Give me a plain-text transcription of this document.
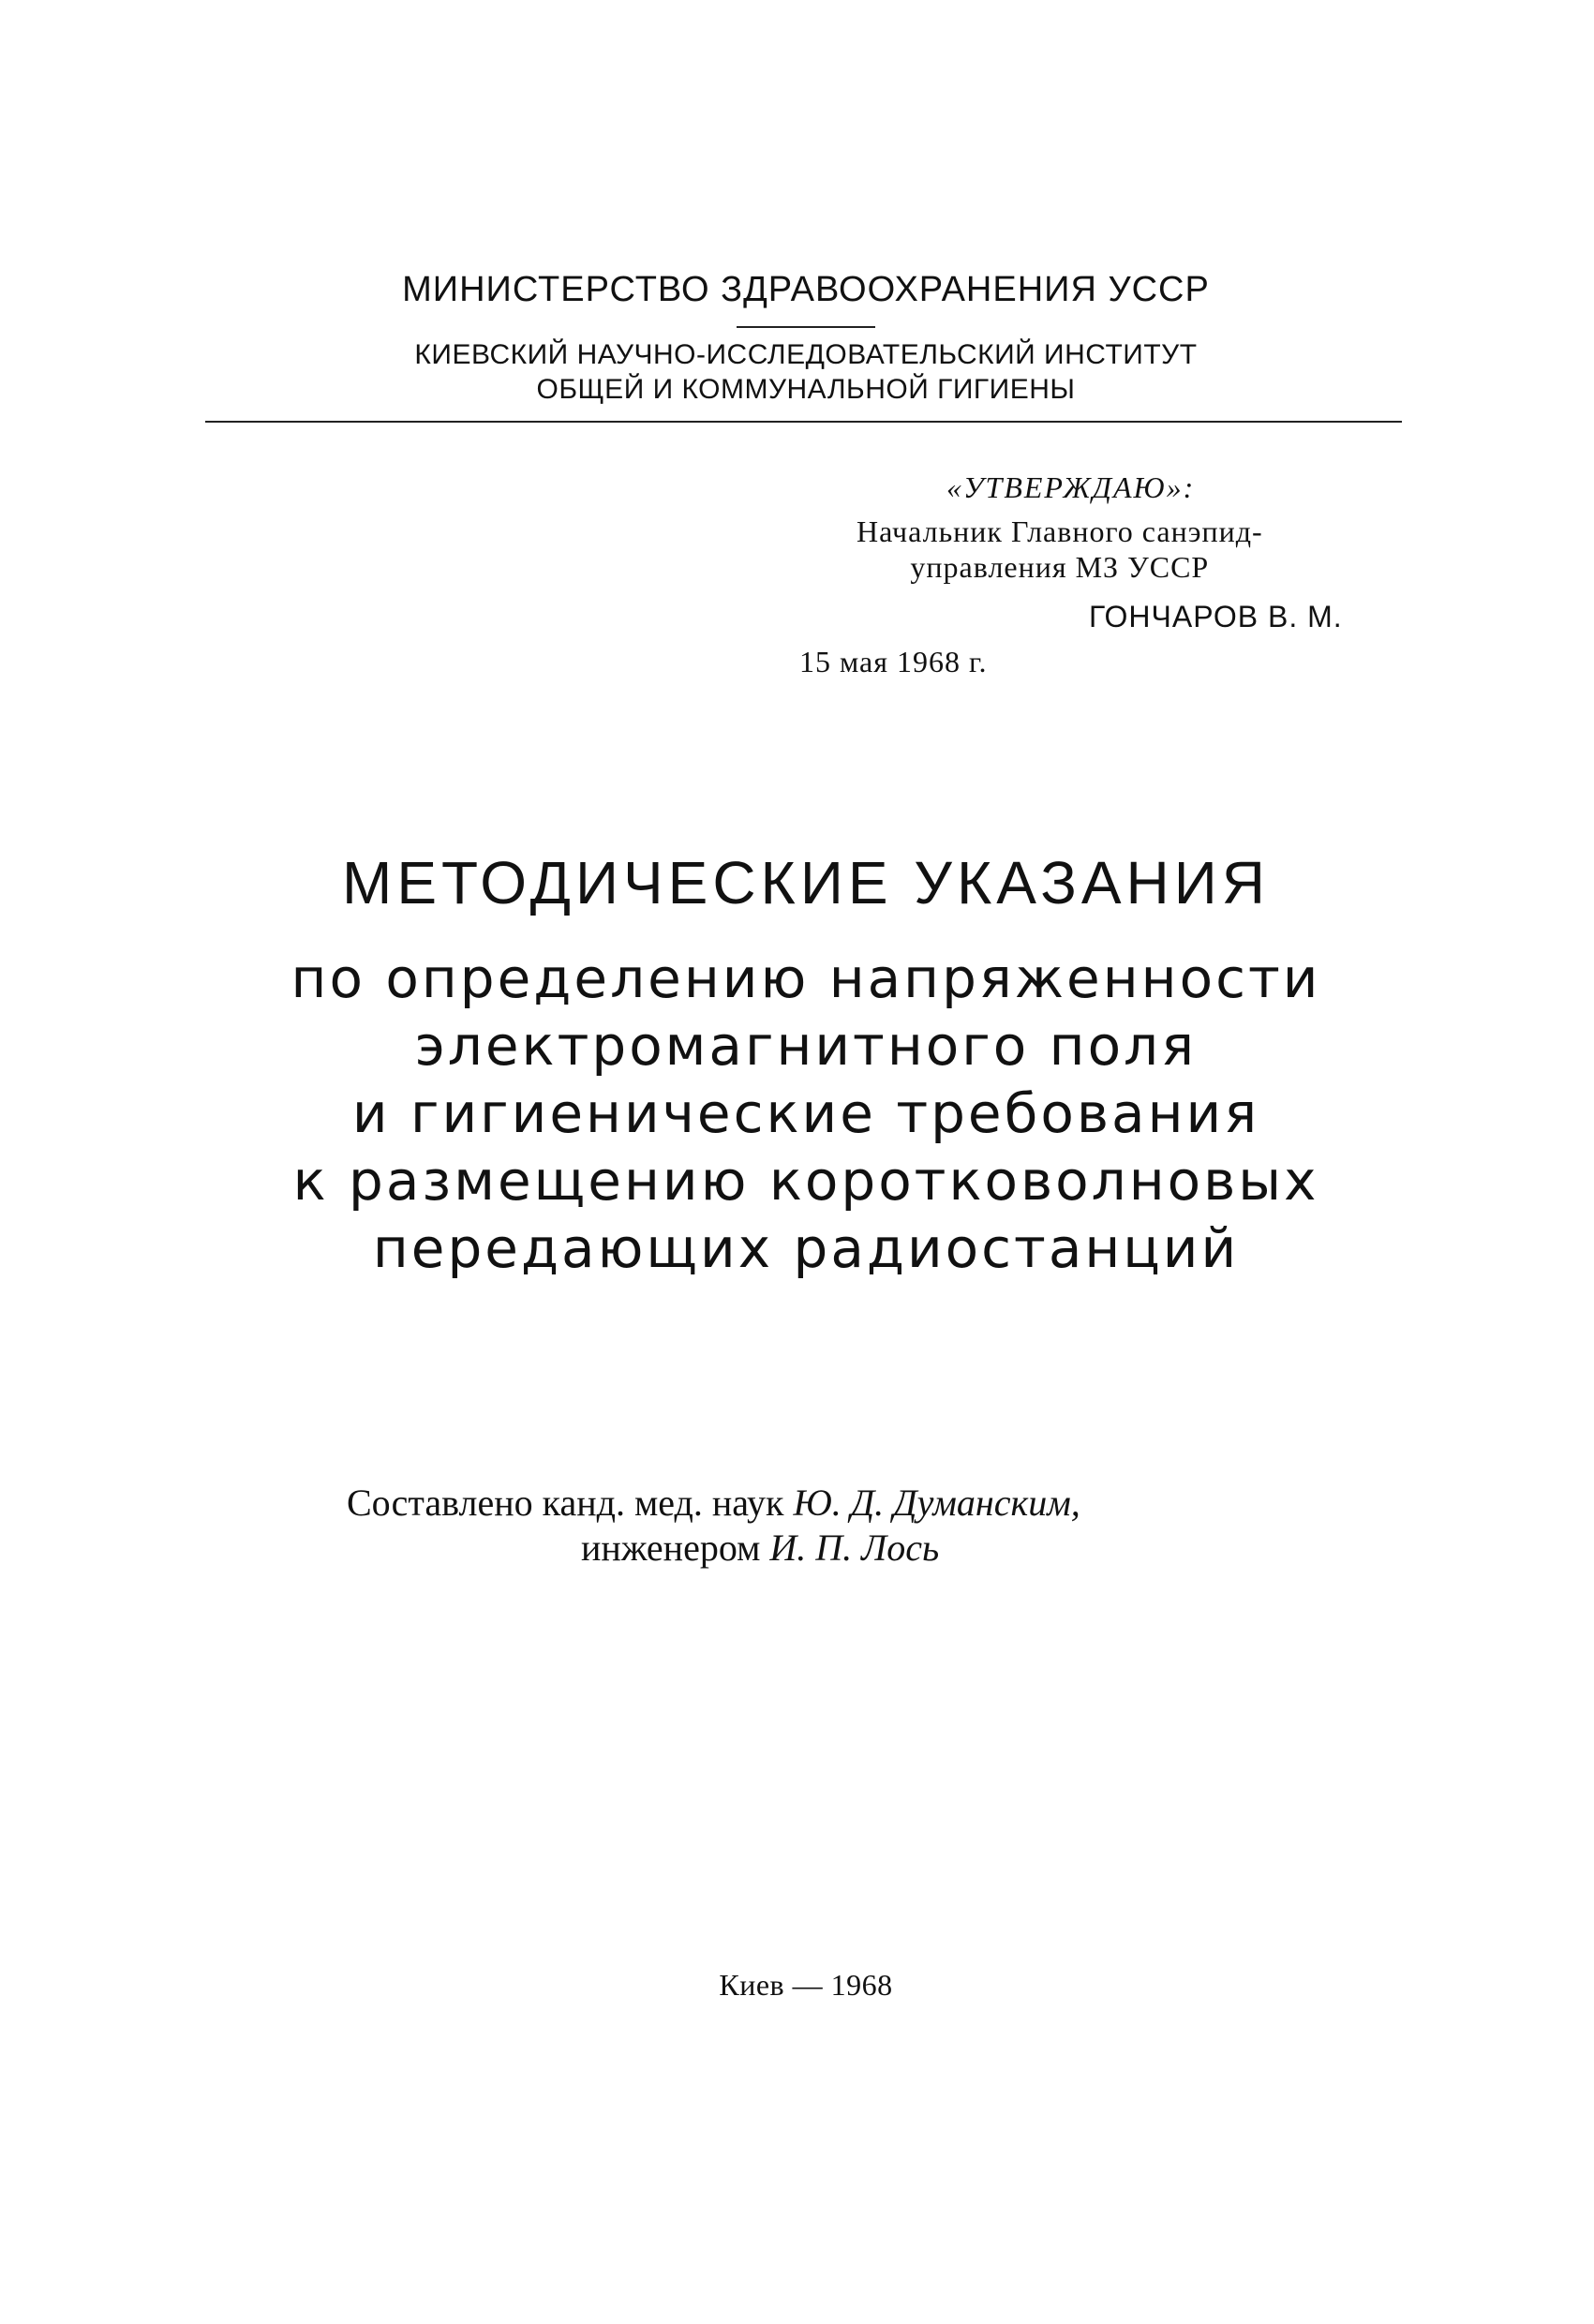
МИНИСТЕРСТВО ЗДРАВООХРАНЕНИЯ УССР
КИЕВСКИЙ НАУЧНО-ИССЛЕДОВАТЕЛЬСКИЙ ИНСТИТУТ
ОБЩЕЙ И КОММУНАЛЬНОЙ ГИГИЕНЫ
«УТВЕРЖДАЮ»:
Начальник Главного санэпид-
управления МЗ УССР
ГОНЧАРОВ В. М.
15 мая 1968 г.
МЕТОДИЧЕСКИЕ УКАЗАНИЯ
по определению напряженности
электромагнитного поля
и гигиенические требования
к размещению коротковолновых
передающих радиостанций
Составлено канд. мед. наук Ю. Д. Думанским,
инженером И. П. Лось
Киев — 1968
